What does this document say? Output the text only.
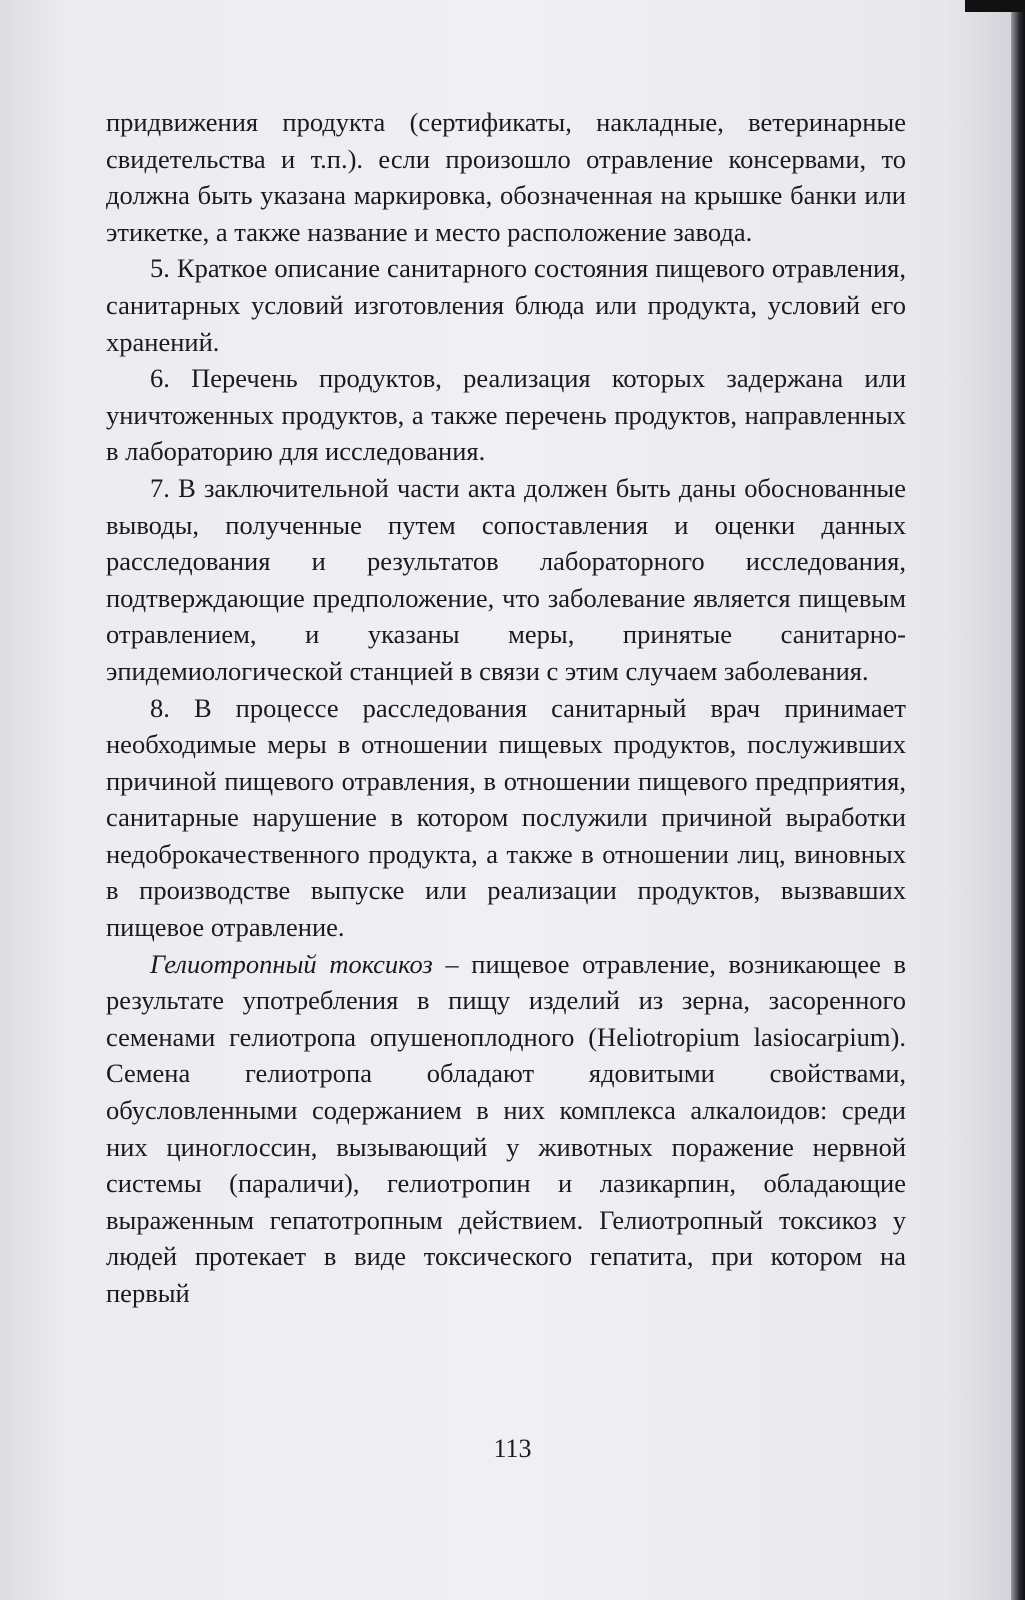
придвижения продукта (сертификаты, накладные, ветеринарные свидетельства и т.п.). если произошло отравление консервами, то должна быть указана маркировка, обозначенная на крышке банки или этикетке, а также название и место расположение завода.

5. Краткое описание санитарного состояния пищевого отравления, санитарных условий изготовления блюда или продукта, условий его хранений.

6. Перечень продуктов, реализация которых задержана или уничтоженных продуктов, а также перечень продуктов, направленных в лабораторию для исследования.

7. В заключительной части акта должен быть даны обоснованные выводы, полученные путем сопоставления и оценки данных расследования и результатов лабораторного исследования, подтверждающие предположение, что заболевание является пищевым отравлением, и указаны меры, принятые санитарно-эпидемиологической станцией в связи с этим случаем заболевания.

8. В процессе расследования санитарный врач принимает необходимые меры в отношении пищевых продуктов, послуживших причиной пищевого отравления, в отношении пищевого предприятия, санитарные нарушение в котором послужили причиной выработки недоброкачественного продукта, а также в отношении лиц, виновных в производстве выпуске или реализации продуктов, вызвавших пищевое отравление.

Гелиотропный токсикоз – пищевое отравление, возникающее в результате употребления в пищу изделий из зерна, засоренного семенами гелиотропа опушеноплодного (Heliotropium lasiocarpium). Семена гелиотропа обладают ядовитыми свойствами, обусловленными содержанием в них комплекса алкалоидов: среди них циноглоссин, вызывающий у животных поражение нервной системы (параличи), гелиотропин и лазикарпин, обладающие выраженным гепатотропным действием. Гелиотропный токсикоз у людей протекает в виде токсического гепатита, при котором на первый

113
